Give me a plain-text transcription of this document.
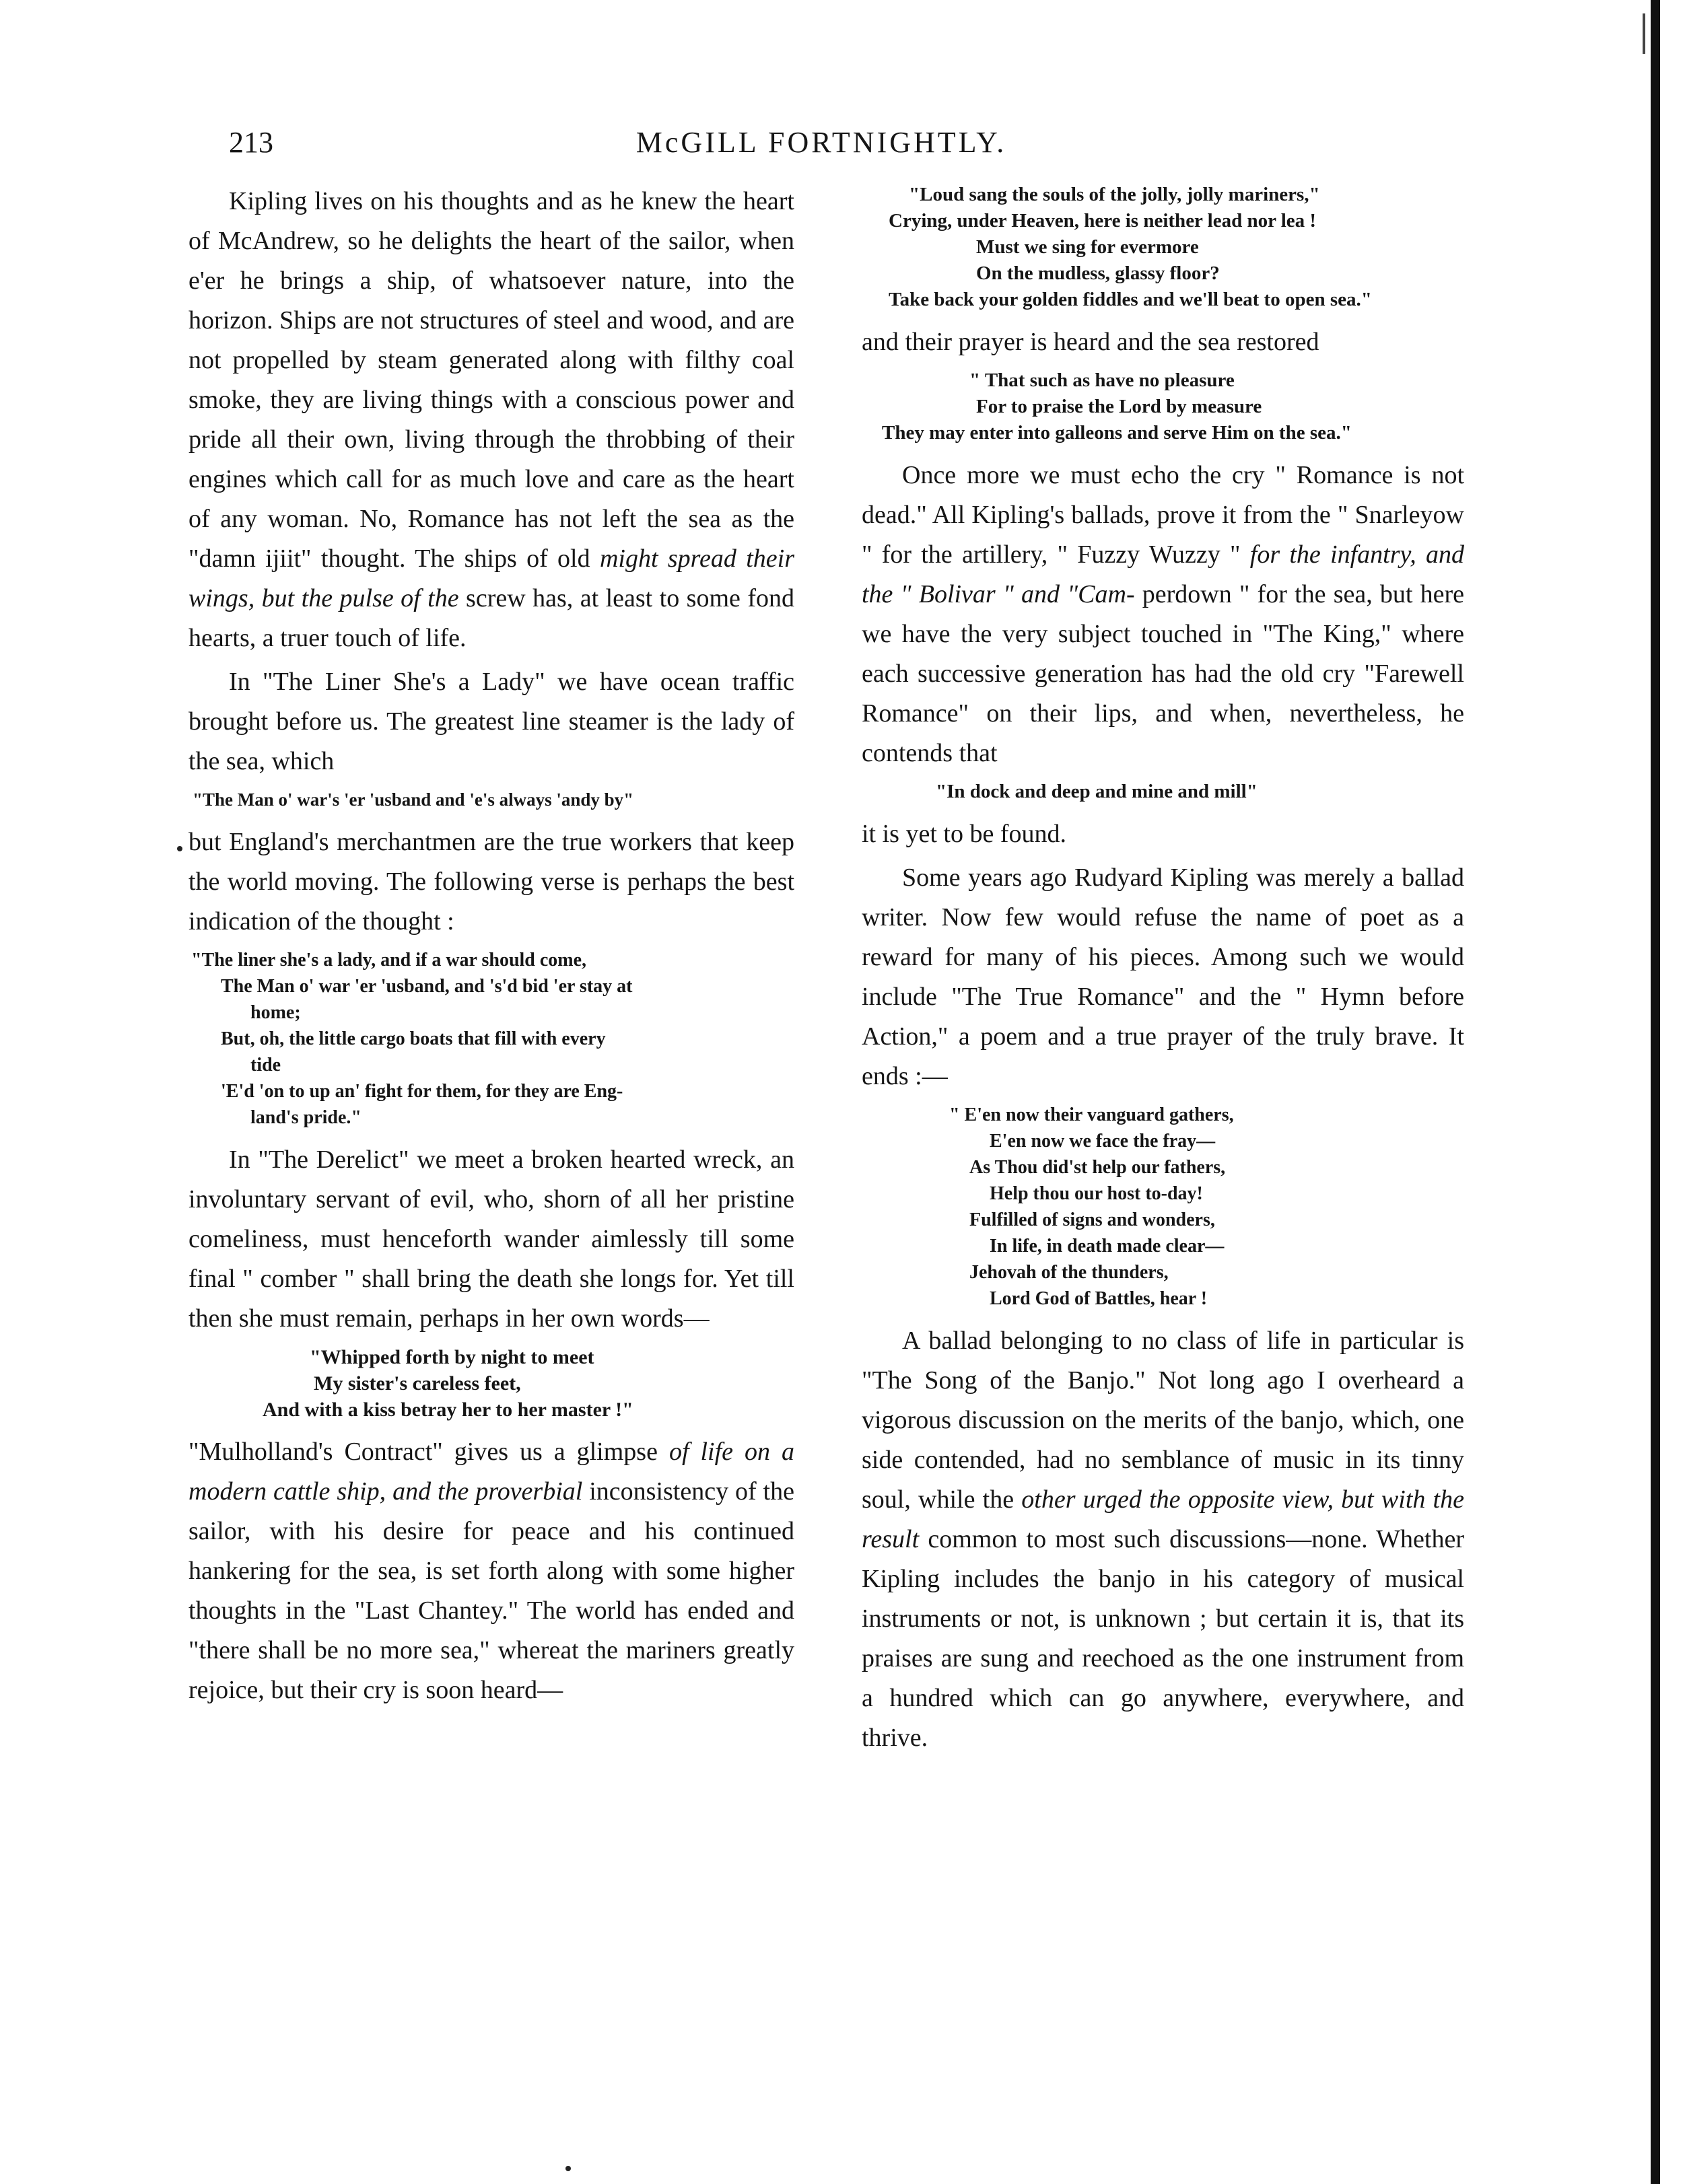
213	McGILL FORTNIGHTLY.

Kipling lives on his thoughts and as he knew the heart of McAndrew, so he delights the heart of the sailor, when e'er he brings a ship, of whatsoever nature, into the horizon. Ships are not structures of steel and wood, and are not propelled by steam generated along with filthy coal smoke, they are living things with a conscious power and pride all their own, living through the throbbing of their engines which call for as much love and care as the heart of any woman. No, Romance has not left the sea as the "damn ijiit" thought. The ships of old might spread their wings, but the pulse of the screw has, at least to some fond hearts, a truer touch of life.

In "The Liner She's a Lady" we have ocean traffic brought before us. The greatest line steamer is the lady of the sea, which

"The Man o' war's 'er 'usband and 'e's always 'andy by"

but England's merchantmen are the true workers that keep the world moving. The following verse is perhaps the best indication of the thought :

"The liner she's a lady, and if a war should come,
The Man o' war 'er 'usband, and 's'd bid 'er stay at
home;
But, oh, the little cargo boats that fill with every
tide
'E'd 'on to up an' fight for them, for they are Eng-
land's pride."

In "The Derelict" we meet a broken hearted wreck, an involuntary servant of evil, who, shorn of all her pristine comeliness, must henceforth wander aimlessly till some final " comber " shall bring the death she longs for. Yet till then she must remain, perhaps in her own words—

"Whipped forth by night to meet
My sister's careless feet,
And with a kiss betray her to her master !"

"Mulholland's Contract" gives us a glimpse of life on a modern cattle ship, and the proverbial inconsistency of the sailor, with his desire for peace and his continued hankering for the sea, is set forth along with some higher thoughts in the "Last Chantey." The world has ended and "there shall be no more sea," whereat the mariners greatly rejoice, but their cry is soon heard—

"Loud sang the souls of the jolly, jolly mariners,"
Crying, under Heaven, here is neither lead nor lea !
Must we sing for evermore
On the mudless, glassy floor?
Take back your golden fiddles and we'll beat to open sea."

and their prayer is heard and the sea restored

" That such as have no pleasure
For to praise the Lord by measure
They may enter into galleons and serve Him on the sea."

Once more we must echo the cry " Romance is not dead." All Kipling's ballads, prove it from the " Snarleyow " for the artillery, " Fuzzy Wuzzy " for the infantry, and the " Bolivar " and "Cam- perdown " for the sea, but here we have the very subject touched in "The King," where each successive generation has had the old cry "Farewell Romance" on their lips, and when, nevertheless, he contends that

"In dock and deep and mine and mill"

it is yet to be found.

Some years ago Rudyard Kipling was merely a ballad writer. Now few would refuse the name of poet as a reward for many of his pieces. Among such we would include "The True Romance" and the " Hymn before Action," a poem and a true prayer of the truly brave. It ends :—

" E'en now their vanguard gathers,
E'en now we face the fray—
As Thou did'st help our fathers,
Help thou our host to-day!
Fulfilled of signs and wonders,
In life, in death made clear—
Jehovah of the thunders,
Lord God of Battles, hear !

A ballad belonging to no class of life in particular is "The Song of the Banjo." Not long ago I overheard a vigorous discussion on the merits of the banjo, which, one side contended, had no semblance of music in its tinny soul, while the other urged the opposite view, but with the result common to most such discussions—none. Whether Kipling includes the banjo in his category of musical instruments or not, is unknown ; but certain it is, that its praises are sung and reechoed as the one instrument from a hundred which can go anywhere, everywhere, and thrive.
